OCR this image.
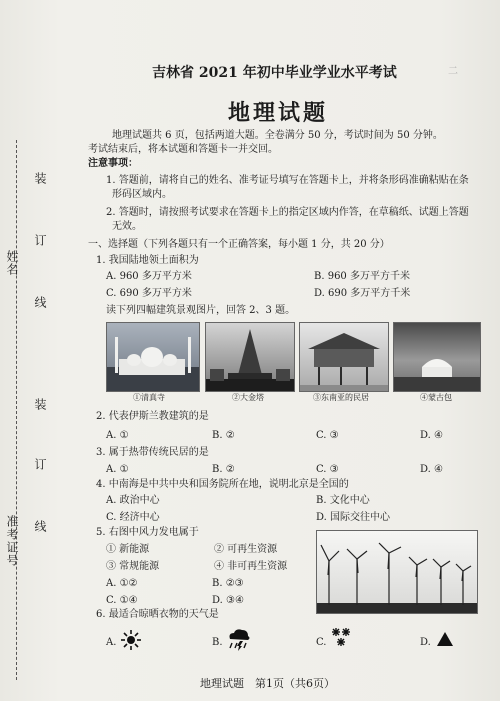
二
装
订
线
姓名
装
订
线
准考证号
吉林省 2021 年初中毕业学业水平考试
地理试题
地理试题共 6 页，包括两道大题。全卷满分 50 分，考试时间为 50 分钟。
考试结束后，将本试题和答题卡一并交回。
注意事项：
1. 答题前，请将自己的姓名、准考证号填写在答题卡上，并将条形码准确粘贴在条
形码区域内。
2. 答题时，请按照考试要求在答题卡上的指定区域内作答，在草稿纸、试题上答题
无效。
一、选择题（下列各题只有一个正确答案，每小题 1 分，共 20 分）
1. 我国陆地领土面积为
A. 960 多万平方米	B. 960 多万平方千米
C. 690 多万平方米	D. 690 多万平方千米
读下列四幅建筑景观图片，回答 2、3 题。
①清真寺	②大金塔	③东南亚的民居	④蒙古包
2. 代表伊斯兰教建筑的是
A. ①	B. ②	C. ③	D. ④
3. 属于热带传统民居的是
A. ①	B. ②	C. ③	D. ④
4. 中南海是中共中央和国务院所在地，说明北京是全国的
A. 政治中心	B. 文化中心
C. 经济中心	D. 国际交往中心
5. 右图中风力发电属于
① 新能源	② 可再生资源
③ 常规能源	④ 非可再生资源
A. ①②	B. ②③
C. ①④	D. ③④
6. 最适合晾晒衣物的天气是
A.	B.	C.	D.
地理试题　第1页（共6页）
